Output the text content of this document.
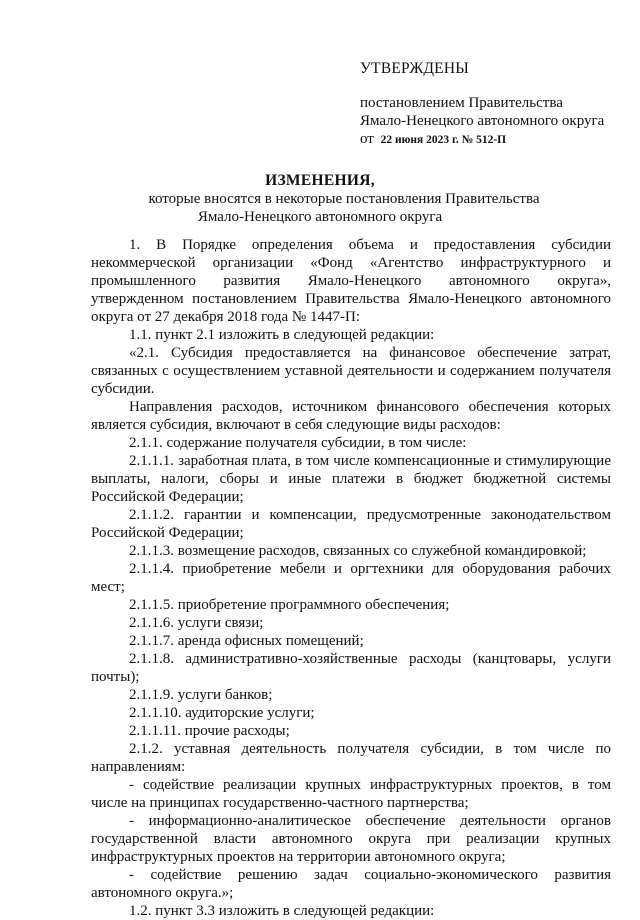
УТВЕРЖДЕНЫ
постановлением Правительства
Ямало-Ненецкого автономного округа
от 22 июня 2023 г. № 512-П
ИЗМЕНЕНИЯ,
которые вносятся в некоторые постановления Правительства
Ямало-Ненецкого автономного округа

1. В Порядке определения объема и предоставления субсидии некоммерческой организации «Фонд «Агентство инфраструктурного и промышленного развития Ямало-Ненецкого автономного округа», утвержденном постановлением Правительства Ямало-Ненецкого автономного округа от 27 декабря 2018 года № 1447-П:

1.1. пункт 2.1 изложить в следующей редакции:

«2.1. Субсидия предоставляется на финансовое обеспечение затрат, связанных с осуществлением уставной деятельности и содержанием получателя субсидии.

Направления расходов, источником финансового обеспечения которых является субсидия, включают в себя следующие виды расходов:

2.1.1. содержание получателя субсидии, в том числе:

2.1.1.1. заработная плата, в том числе компенсационные и стимулирующие выплаты, налоги, сборы и иные платежи в бюджет бюджетной системы Российской Федерации;

2.1.1.2. гарантии и компенсации, предусмотренные законодательством Российской Федерации;

2.1.1.3. возмещение расходов, связанных со служебной командировкой;

2.1.1.4. приобретение мебели и оргтехники для оборудования рабочих мест;

2.1.1.5. приобретение программного обеспечения;

2.1.1.6. услуги связи;

2.1.1.7. аренда офисных помещений;

2.1.1.8. административно-хозяйственные расходы (канцтовары, услуги почты);

2.1.1.9. услуги банков;

2.1.1.10. аудиторские услуги;

2.1.1.11. прочие расходы;

2.1.2. уставная деятельность получателя субсидии, в том числе по направлениям:

- содействие реализации крупных инфраструктурных проектов, в том числе на принципах государственно-частного партнерства;

- информационно-аналитическое обеспечение деятельности органов государственной власти автономного округа при реализации крупных инфраструктурных проектов на территории автономного округа;

- содействие решению задач социально-экономического развития автономного округа.»;

1.2. пункт 3.3 изложить в следующей редакции:
